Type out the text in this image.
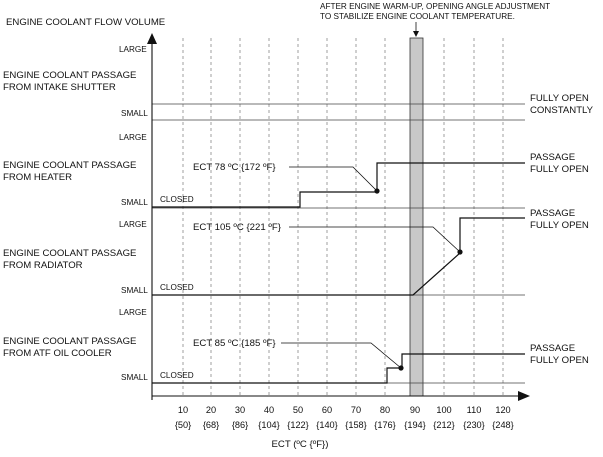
ENGINE COOLANT FLOW VOLUME
AFTER ENGINE WARM-UP, OPENING ANGLE ADJUSTMENT
TO STABILIZE ENGINE COOLANT TEMPERATURE.
ENGINE COOLANT PASSAGE
FROM INTAKE SHUTTER
ENGINE COOLANT PASSAGE
FROM HEATER
ENGINE COOLANT PASSAGE
FROM RADIATOR
ENGINE COOLANT PASSAGE
FROM ATF OIL COOLER
LARGE
SMALL
LARGE
SMALL
LARGE
SMALL
LARGE
SMALL
CLOSED
CLOSED
CLOSED
ECT 78 ºC {172 ºF}
ECT 105 ºC {221 ºF}
ECT 85 ºC {185 ºF}
FULLY OPEN
CONSTANTLY
PASSAGE
FULLY OPEN
PASSAGE
FULLY OPEN
PASSAGE
FULLY OPEN
10
{50}
20
{68}
30
{86}
40
{104}
50
{122}
60
{140}
70
{158}
80
{176}
90
{194}
100
{212}
110
{230}
120
{248}
ECT (ºC {ºF})
